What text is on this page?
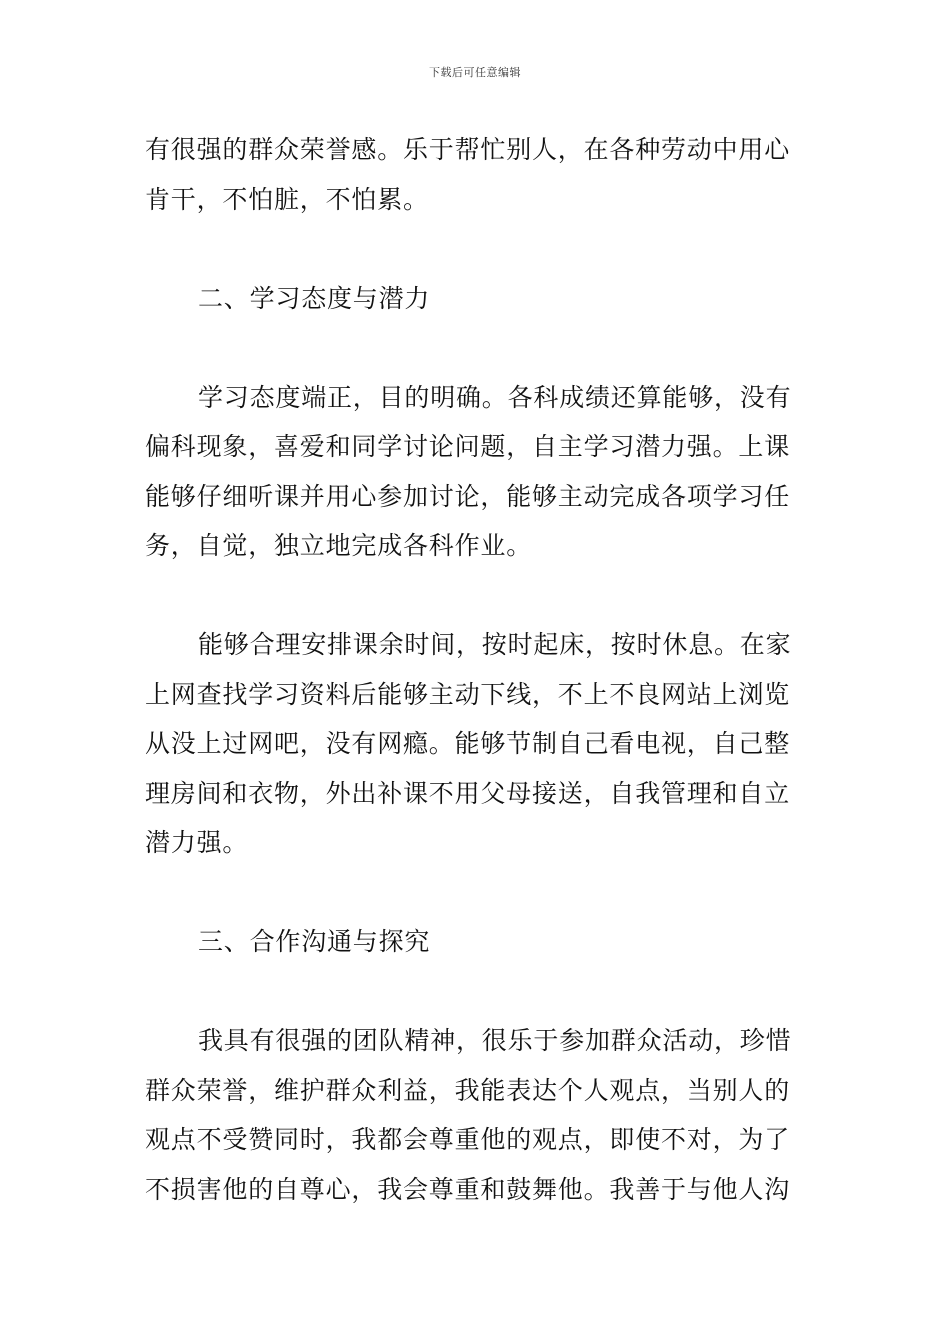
下载后可任意编辑
有很强的群众荣誉感。乐于帮忙别人，在各种劳动中用心
肯干，不怕脏，不怕累。
二、学习态度与潜力
学习态度端正，目的明确。各科成绩还算能够，没有
偏科现象，喜爱和同学讨论问题，自主学习潜力强。上课
能够仔细听课并用心参加讨论，能够主动完成各项学习任
务，自觉，独立地完成各科作业。
能够合理安排课余时间，按时起床，按时休息。在家
上网查找学习资料后能够主动下线，不上不良网站上浏览
从没上过网吧，没有网瘾。能够节制自己看电视，自己整
理房间和衣物，外出补课不用父母接送，自我管理和自立
潜力强。
三、合作沟通与探究
我具有很强的团队精神，很乐于参加群众活动，珍惜
群众荣誉，维护群众利益，我能表达个人观点，当别人的
观点不受赞同时，我都会尊重他的观点，即使不对，为了
不损害他的自尊心，我会尊重和鼓舞他。我善于与他人沟
